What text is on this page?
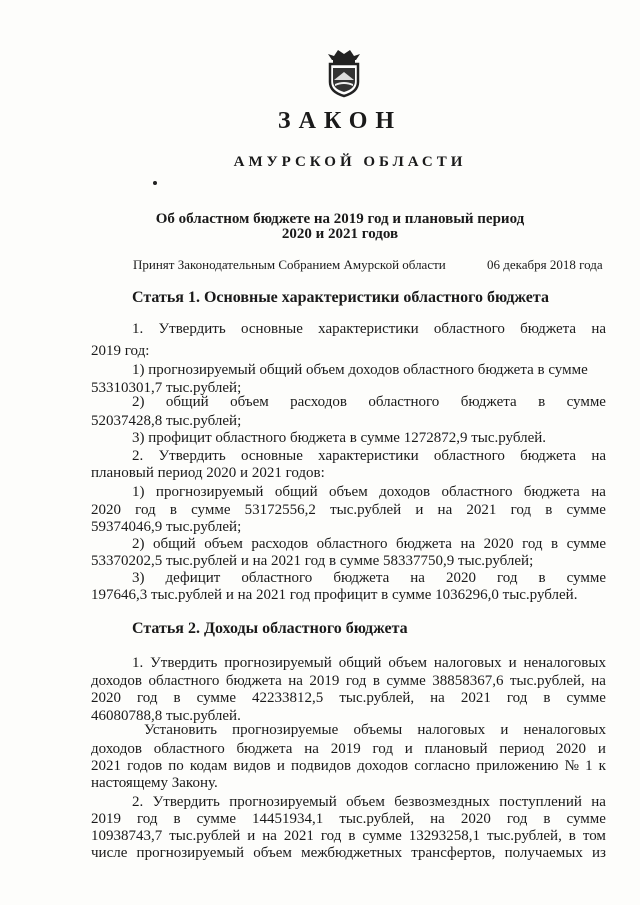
ЗАКОН
АМУРСКОЙ ОБЛАСТИ
Об областном бюджете на 2019 год и плановый период
2020 и 2021 годов
Принят Законодательным Собранием Амурской области	06 декабря 2018 года
Статья 1. Основные характеристики областного бюджета
1. Утвердить основные характеристики областного бюджета на
2019 год:
1) прогнозируемый общий объем доходов областного бюджета в сумме
53310301,7 тыс.рублей;
2) общий объем расходов областного бюджета в сумме
52037428,8 тыс.рублей;
3) профицит областного бюджета в сумме 1272872,9 тыс.рублей.
2. Утвердить основные характеристики областного бюджета на
плановый период 2020 и 2021 годов:
1) прогнозируемый общий объем доходов областного бюджета на
2020 год в сумме 53172556,2 тыс.рублей и на 2021 год в сумме
59374046,9 тыс.рублей;
2) общий объем расходов областного бюджета на 2020 год в сумме
53370202,5 тыс.рублей и на 2021 год в сумме 58337750,9 тыс.рублей;
3) дефицит областного бюджета на 2020 год в сумме
197646,3 тыс.рублей и на 2021 год профицит в сумме 1036296,0 тыс.рублей.
Статья 2. Доходы областного бюджета
1. Утвердить прогнозируемый общий объем налоговых и неналоговых
доходов областного бюджета на 2019 год в сумме 38858367,6 тыс.рублей, на
2020 год в сумме 42233812,5 тыс.рублей, на 2021 год в сумме
46080788,8 тыс.рублей.
Установить прогнозируемые объемы налоговых и неналоговых
доходов областного бюджета на 2019 год и плановый период 2020 и
2021 годов по кодам видов и подвидов доходов согласно приложению № 1 к
настоящему Закону.
2. Утвердить прогнозируемый объем безвозмездных поступлений на
2019 год в сумме 14451934,1 тыс.рублей, на 2020 год в сумме
10938743,7 тыс.рублей и на 2021 год в сумме 13293258,1 тыс.рублей, в том
числе прогнозируемый объем межбюджетных трансфертов, получаемых из
